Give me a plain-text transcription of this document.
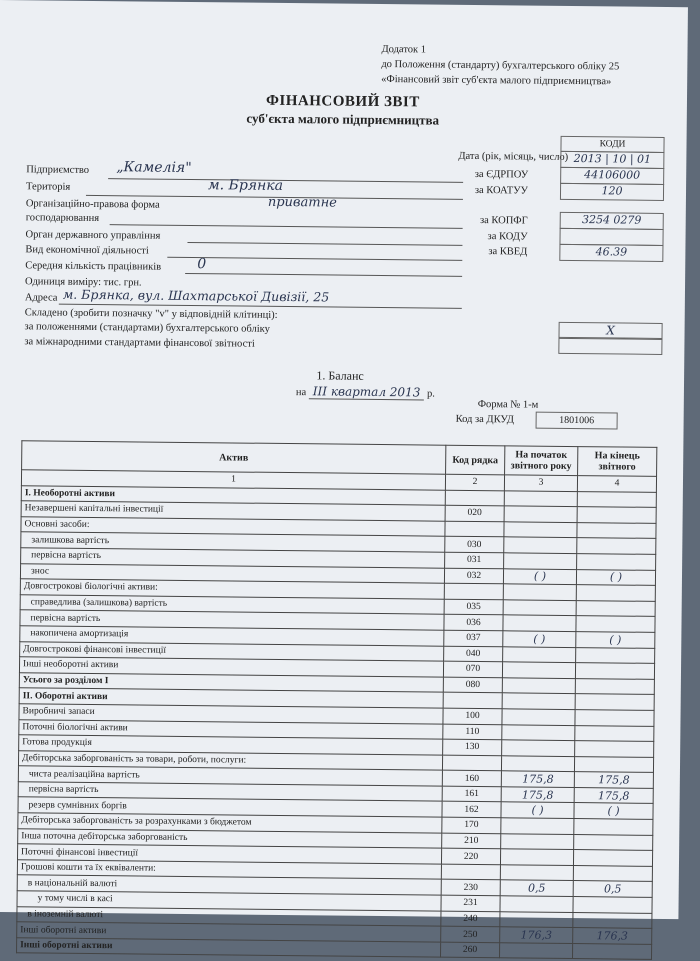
Додаток 1
до Положення (стандарту) бухгалтерського обліку 25
«Фінансовий звіт суб'єкта малого підприємництва»
ФІНАНСОВИЙ ЗВІТ
суб'єкта малого підприємництва
КОДИ
Дата (рік, місяць, число) 2013 | 10 | 01
Підприємство „Камелія"	за ЄДРПОУ	44106000
Територія	м. Брянка	за КОАТУУ	120
Організаційно-правова форма	приватне
господарювання	за КОПФГ	3254 0279
Орган державного управління	за КОДУ
Вид економічної діяльності	за КВЕД	46.39
Середня кількість працівників	0
Одиниця виміру: тис. грн.
Адреса м. Брянка, вул. Шахтарської Дивізії, 25
Складено (зробити позначку "v" у відповідній клітинці):
за положеннями (стандартами) бухгалтерського обліку	X
за міжнародними стандартами фінансової звітності
1. Баланс
на III квартал 2013 р.
Форма № 1-м
Код за ДКУД	1801006
Актив	Код рядка	На початок звітного року	На кінець звітного
1	2	3	4
I. Необоротні активи			
Незавершені капітальні інвестиції	020		
Основні засоби:			
залишкова вартість	030		
первісна вартість	031		
знос	032	( )	( )
Довгострокові біологічні активи:			
справедлива (залишкова) вартість	035		
первісна вартість	036		
накопичена амортизація	037	( )	( )
Довгострокові фінансові інвестиції	040		
Інші необоротні активи	070		
Усього за розділом І	080		
II. Оборотні активи			
Виробничі запаси	100		
Поточні біологічні активи	110		
Готова продукція	130		
Дебіторська заборгованість за товари, роботи, послуги:			
чиста реалізаційна вартість	160	175,8	175,8
первісна вартість	161	175,8	175,8
резерв сумнівних боргів	162	( )	( )
Дебіторська заборгованість за розрахунками з бюджетом	170		
Інша поточна дебіторська заборгованість	210		
Поточні фінансові інвестиції	220		
Грошові кошти та їх еквіваленти:			
в національній валюті	230	0,5	0,5
у тому числі в касі	231		
в іноземній валюті	240		
Інші оборотні активи	250	176,3	176,3
Інші оборотні активи	260		
